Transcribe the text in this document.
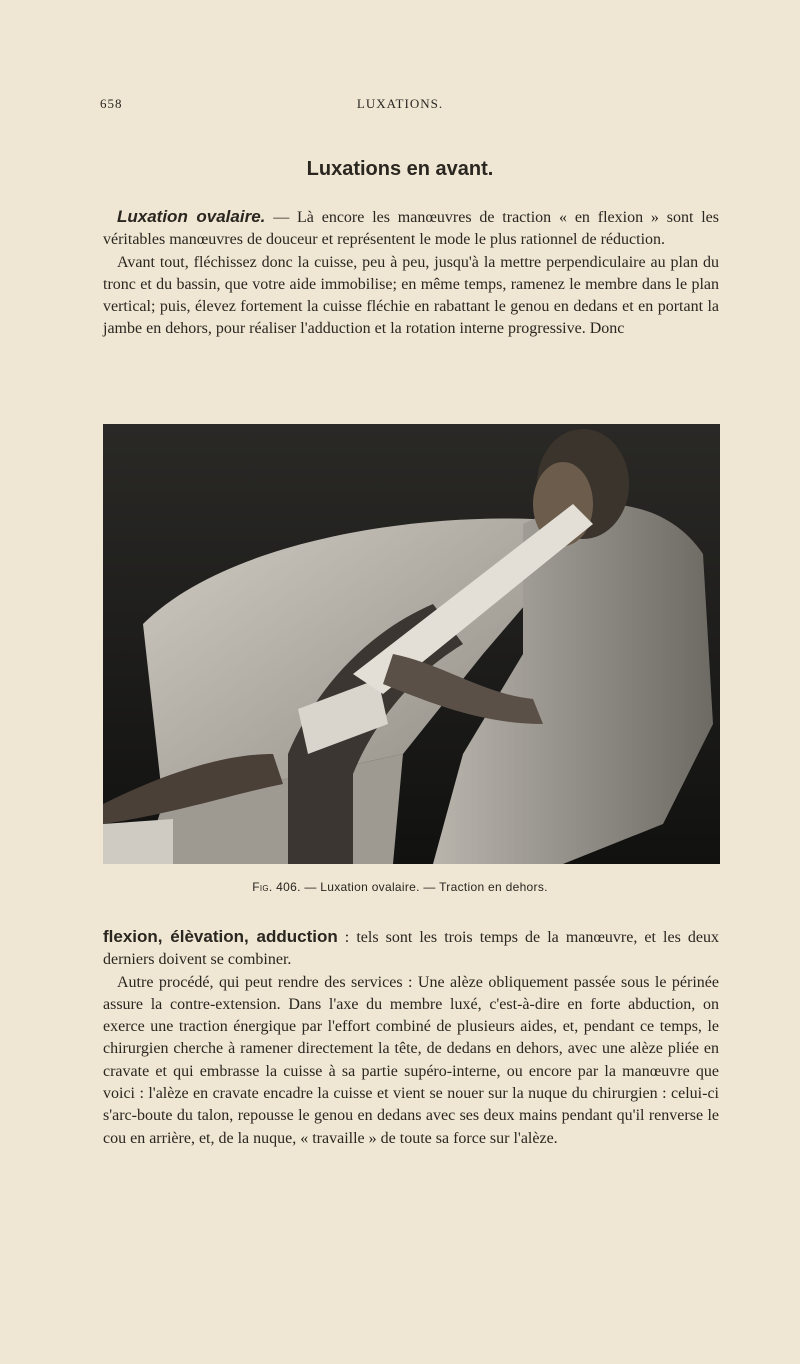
658	LUXATIONS.
Luxations en avant.

Luxation ovalaire. — Là encore les manœuvres de traction « en flexion » sont les véritables manœuvres de douceur et représentent le mode le plus rationnel de réduction.

Avant tout, fléchissez donc la cuisse, peu à peu, jusqu'à la mettre perpendiculaire au plan du tronc et du bassin, que votre aide immobilise; en même temps, ramenez le membre dans le plan vertical; puis, élevez fortement la cuisse fléchie en rabattant le genou en dedans et en portant la jambe en dehors, pour réaliser l'adduction et la rotation interne progressive. Donc

Fig. 406. — Luxation ovalaire. — Traction en dehors.

flexion, élèvation, adduction : tels sont les trois temps de la manœuvre, et les deux derniers doivent se combiner.

Autre procédé, qui peut rendre des services : Une alèze obliquement passée sous le périnée assure la contre-extension. Dans l'axe du membre luxé, c'est-à-dire en forte abduction, on exerce une traction énergique par l'effort combiné de plusieurs aides, et, pendant ce temps, le chirurgien cherche à ramener directement la tête, de dedans en dehors, avec une alèze pliée en cravate et qui embrasse la cuisse à sa partie supéro-interne, ou encore par la manœuvre que voici : l'alèze en cravate encadre la cuisse et vient se nouer sur la nuque du chirurgien : celui-ci s'arc-boute du talon, repousse le genou en dedans avec ses deux mains pendant qu'il renverse le cou en arrière, et, de la nuque, « travaille » de toute sa force sur l'alèze.
